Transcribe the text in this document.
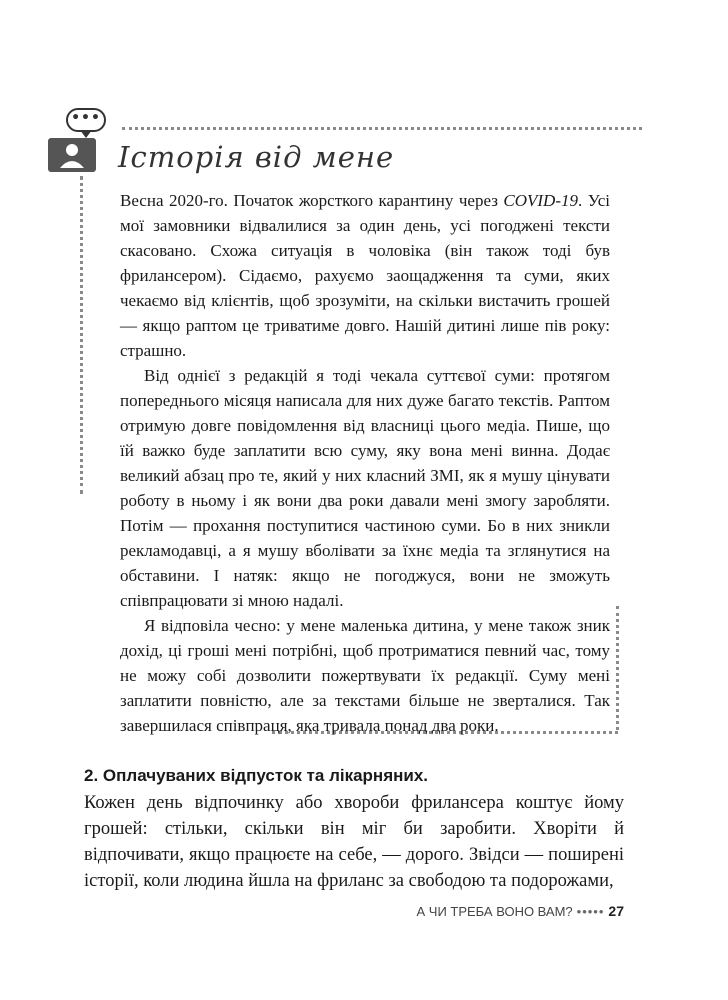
•••
Історія від мене

Весна 2020-го. Початок жорсткого карантину через COVID-19. Усі мої замовники відвалилися за один день, усі погоджені тексти скасовано. Схожа ситуація в чоловіка (він також тоді був фрилансером). Сідаємо, рахуємо заощадження та суми, яких чекаємо від клієнтів, щоб зрозуміти, на скільки вистачить грошей — якщо раптом це триватиме довго. Нашій дитині лише пів року: страшно.

Від однієї з редакцій я тоді чекала суттєвої суми: протягом попереднього місяця написала для них дуже багато текстів. Раптом отримую довге повідомлення від власниці цього медіа. Пише, що їй важко буде заплатити всю суму, яку вона мені винна. Додає великий абзац про те, який у них класний ЗМІ, як я мушу цінувати роботу в ньому і як вони два роки давали мені змогу заробляти. Потім — прохання поступитися частиною суми. Бо в них зникли рекламодавці, а я мушу вболівати за їхнє медіа та зглянутися на обставини. І натяк: якщо не погоджуся, вони не зможуть співпрацювати зі мною надалі.

Я відповіла чесно: у мене маленька дитина, у мене також зник дохід, ці гроші мені потрібні, щоб протриматися певний час, тому не можу собі дозволити пожертвувати їх редакції. Суму мені заплатити повністю, але за текстами більше не зверталися. Так завершилася співпраця, яка тривала понад два роки.

2. Оплачуваних відпусток та лікарняних.
Кожен день відпочинку або хвороби фрилансера коштує йому грошей: стільки, скільки він міг би заробити. Хворіти й відпочивати, якщо працюєте на себе, — дорого. Звідси — поширені історії, коли людина йшла на фриланс за свободою та подорожами,
А ЧИ ТРЕБА ВОНО ВАМ? ••••• 27
